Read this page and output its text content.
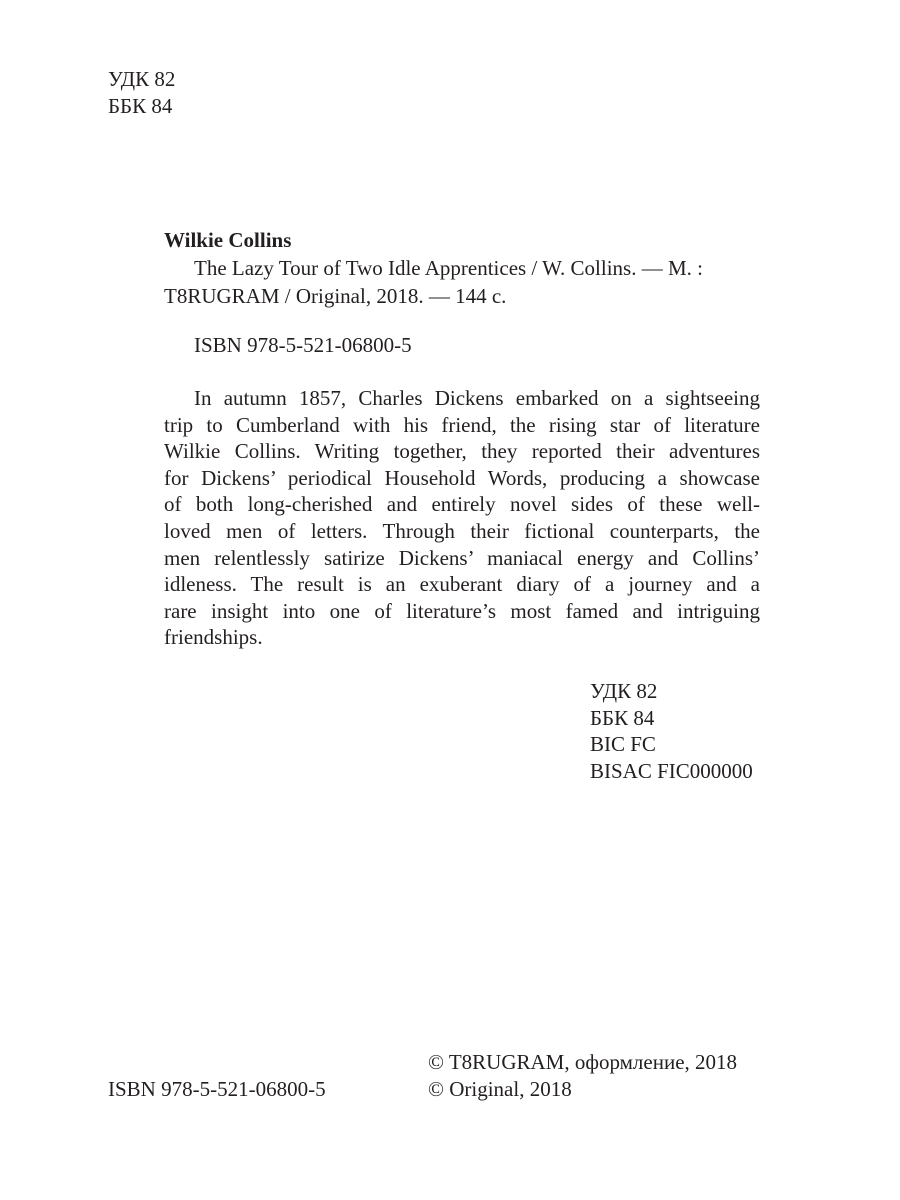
УДК 82
ББК 84
Wilkie Collins
The Lazy Tour of Two Idle Apprentices / W. Collins. — M. :
T8RUGRAM / Original, 2018. — 144 c.
ISBN 978-5-521-06800-5
In autumn 1857, Charles Dickens embarked on a sightseeing
trip to Cumberland with his friend, the rising star of literature
Wilkie Collins. Writing together, they reported their adventures
for Dickens’ periodical Household Words, producing a showcase
of both long-cherished and entirely novel sides of these well-
loved men of letters. Through their fictional counterparts, the
men relentlessly satirize Dickens’ maniacal energy and Collins’
idleness. The result is an exuberant diary of a journey and a
rare insight into one of literature’s most famed and intriguing
friendships.
УДК 82
ББК 84
BIC FC
BISAC FIC000000
© T8RUGRAM, оформление, 2018
© Original, 2018
ISBN 978-5-521-06800-5
